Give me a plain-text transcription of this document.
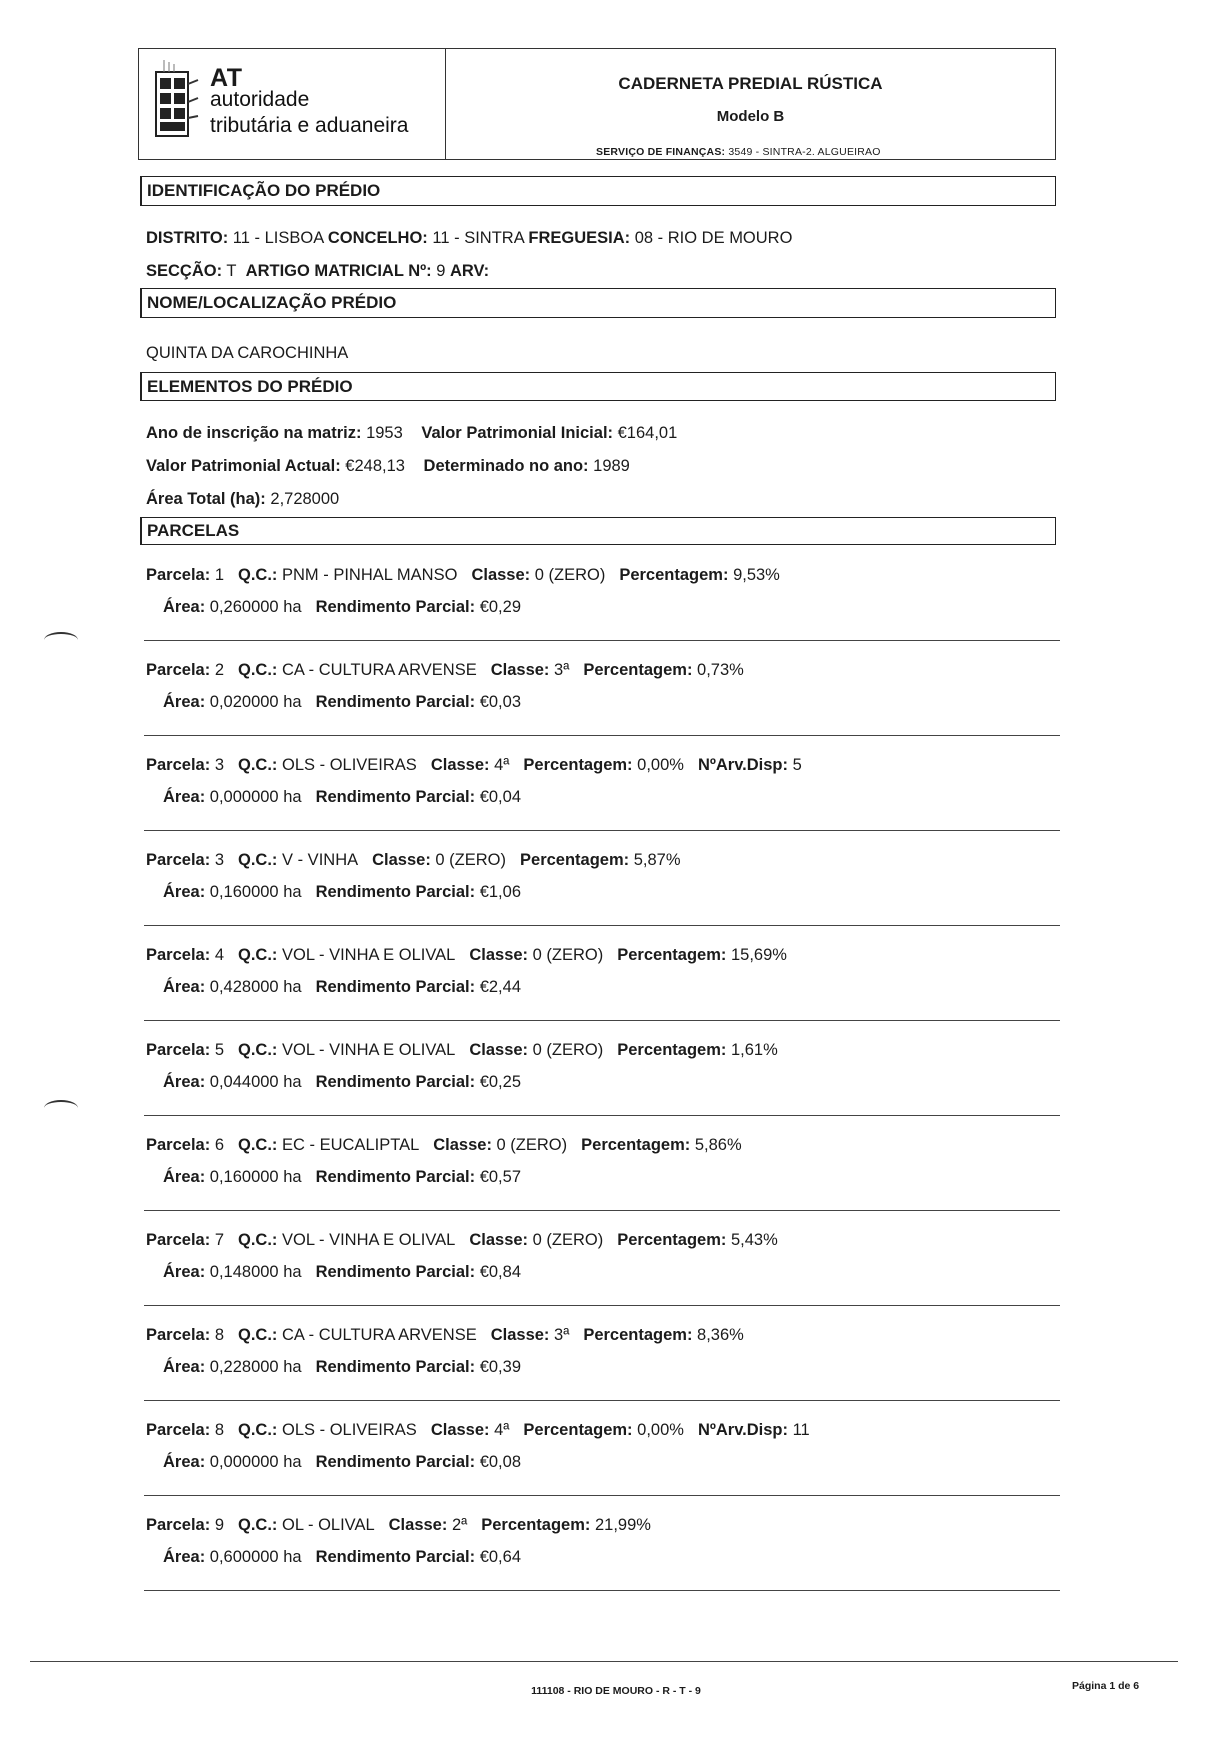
AT
autoridade
tributária e aduaneira
CADERNETA PREDIAL RÚSTICA
Modelo B
SERVIÇO DE FINANÇAS: 3549 - SINTRA-2. ALGUEIRAO
IDENTIFICAÇÃO DO PRÉDIO
DISTRITO: 11 - LISBOA CONCELHO: 11 - SINTRA FREGUESIA: 08 - RIO DE MOURO
SECÇÃO: T ARTIGO MATRICIAL Nº: 9 ARV:
NOME/LOCALIZAÇÃO PRÉDIO
QUINTA DA CAROCHINHA
ELEMENTOS DO PRÉDIO
Ano de inscrição na matriz: 1953 Valor Patrimonial Inicial: €164,01
Valor Patrimonial Actual: €248,13 Determinado no ano: 1989
Área Total (ha): 2,728000
PARCELAS
Parcela: 1 Q.C.: PNM - PINHAL MANSO Classe: 0 (ZERO) Percentagem: 9,53%
Área: 0,260000 ha Rendimento Parcial: €0,29
Parcela: 2 Q.C.: CA - CULTURA ARVENSE Classe: 3ª Percentagem: 0,73%
Área: 0,020000 ha Rendimento Parcial: €0,03
Parcela: 3 Q.C.: OLS - OLIVEIRAS Classe: 4ª Percentagem: 0,00% NºArv.Disp: 5
Área: 0,000000 ha Rendimento Parcial: €0,04
Parcela: 3 Q.C.: V - VINHA Classe: 0 (ZERO) Percentagem: 5,87%
Área: 0,160000 ha Rendimento Parcial: €1,06
Parcela: 4 Q.C.: VOL - VINHA E OLIVAL Classe: 0 (ZERO) Percentagem: 15,69%
Área: 0,428000 ha Rendimento Parcial: €2,44
Parcela: 5 Q.C.: VOL - VINHA E OLIVAL Classe: 0 (ZERO) Percentagem: 1,61%
Área: 0,044000 ha Rendimento Parcial: €0,25
Parcela: 6 Q.C.: EC - EUCALIPTAL Classe: 0 (ZERO) Percentagem: 5,86%
Área: 0,160000 ha Rendimento Parcial: €0,57
Parcela: 7 Q.C.: VOL - VINHA E OLIVAL Classe: 0 (ZERO) Percentagem: 5,43%
Área: 0,148000 ha Rendimento Parcial: €0,84
Parcela: 8 Q.C.: CA - CULTURA ARVENSE Classe: 3ª Percentagem: 8,36%
Área: 0,228000 ha Rendimento Parcial: €0,39
Parcela: 8 Q.C.: OLS - OLIVEIRAS Classe: 4ª Percentagem: 0,00% NºArv.Disp: 11
Área: 0,000000 ha Rendimento Parcial: €0,08
Parcela: 9 Q.C.: OL - OLIVAL Classe: 2ª Percentagem: 21,99%
Área: 0,600000 ha Rendimento Parcial: €0,64
111108 - RIO DE MOURO - R - T - 9	Página 1 de 6
